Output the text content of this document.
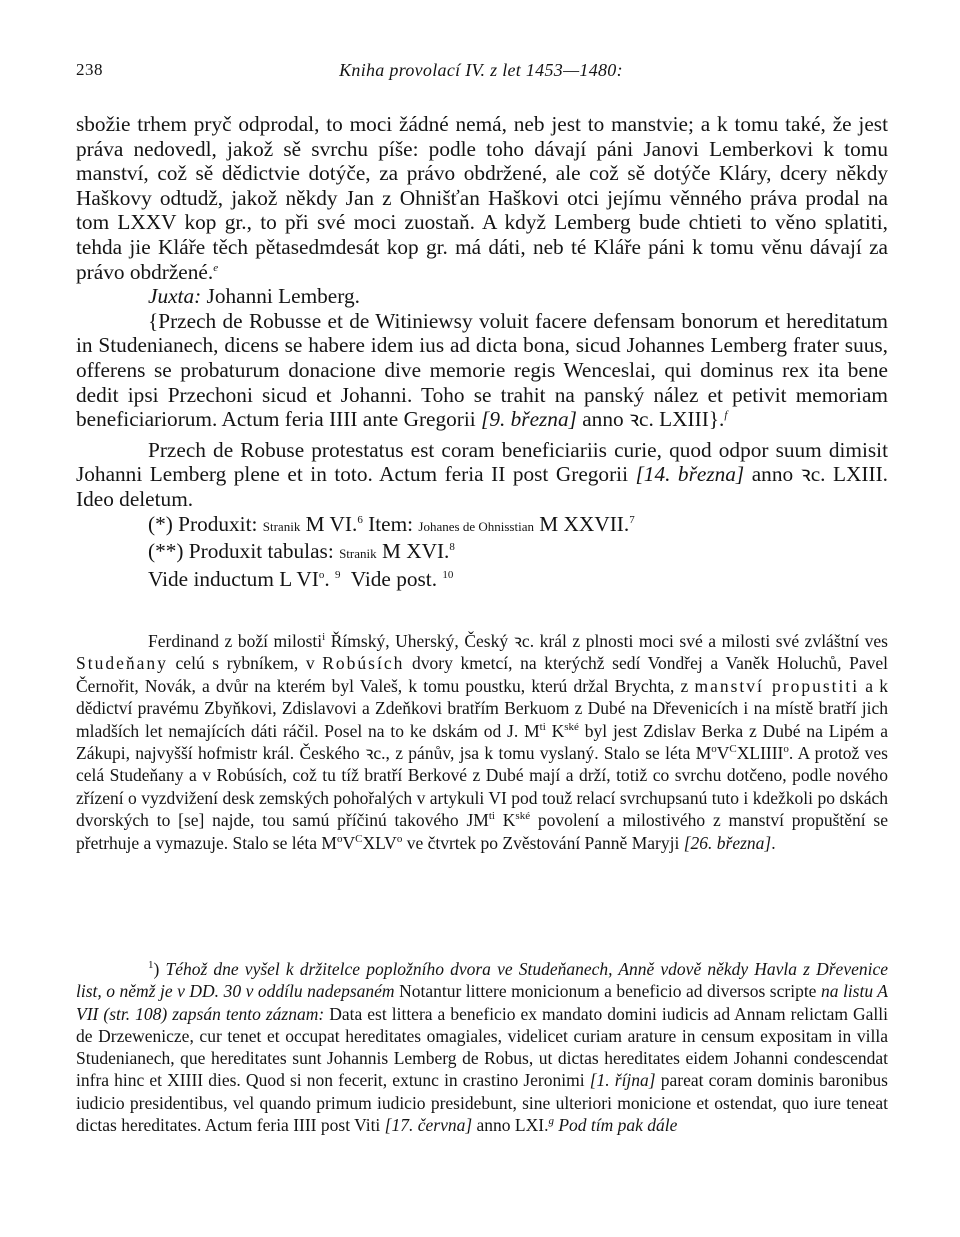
238	Kniha provolací IV. z let 1453—1480:

sbožie trhem pryč odprodal, to moci žádné nemá, neb jest to manstvie; a k tomu také, že jest práva nedovedl, jakož sě svrchu píše: podle toho dávají páni Janovi Lemberkovi k tomu manství, což sě dědictvie dotýče, za právo obdržené, ale což sě dotýče Kláry, dcery někdy Haškovy odtudž, jakož někdy Jan z Ohnišťan Haškovi otci jejímu věnného práva prodal na tom LXXV kop gr., to při své moci zuostaň. A když Lemberg bude chtieti to věno splatiti, tehda jie Kláře těch pětasedmdesát kop gr. má dáti, neb té Kláře páni k tomu věnu dávají za právo obdržené.$^e$

Juxta: Johanni Lemberg.

{Przech de Robusse et de Witiniewsy voluit facere defensam bonorum et hereditatum in Studenianech, dicens se habere idem ius ad dicta bona, sicud Johannes Lemberg frater suus, offerens se probaturum donacione dive memorie regis Wenceslai, qui dominus rex ita bene dedit ipsi Przechoni sicud et Johanni. Toho se trahit na panský nález et petivit memoriam beneficiariorum. Actum feria IIII ante Gregorii [9. března] anno ꝛc. LXIII}.$^f$

Przech de Robuse protestatus est coram beneficiariis curie, quod odpor suum dimisit Johanni Lemberg plene et in toto. Actum feria II post Gregorii [14. března] anno ꝛc. LXIII. Ideo deletum.

(*) Produxit: Stranik M VI.$^6$ Item: Johanes de Ohnisstian M XXVII.$^7$

(**) Produxit tabulas: Stranik M XVI.$^8$

Vide inductum L $VI^o$. $^9$  Vide post. $^{10}$

Ferdinand z boží milosti$^i$ Římský, Uherský, Český ꝛc. král z plnosti moci své a milosti své zvláštní ves Studeňany celú s rybníkem, v Robúsích dvory kmetcí, na kterýchž sedí Vondřej a Vaněk Holuchů, Pavel Černořit, Novák, a dvůr na kterém byl Valeš, k tomu poustku, kterú držal Brychta, z manství propustiti a k dědictví pravému Zbyňkovi, Zdislavovi a Zdeňkovi bratřím Berkuom z Dubé na Dřevenicích i na místě bratří jich mladších let nemajících dáti ráčil. Posel na to ke dskám od J. $M^{ti}$ $K^{ské}$ byl jest Zdislav Berka z Dubé na Lipém a Zákupi, najvyšší hofmistr král. Českého ꝛc., z pánův, jsa k tomu vyslaný. Stalo se léta $M^oV^CXLIIII^o$. A protož ves celá Studeňany a v Robúsích, což tu tíž bratří Berkové z Dubé mají a drží, totiž co svrchu dotčeno, podle nového zřízení o vyzdvižení desk zemských pohořalých v artykuli VI pod touž relací svrchupsanú tuto i kdežkoli po dskách dvorských to [se] najde, tou samú příčinú takového $JM^{ti}$ $K^{ské}$ povolení a milostivého z manství propuštění se přetrhuje a vymazuje. Stalo se léta $M^oV^CXLV^o$ ve čtvrtek po Zvěstování Panně Maryji [26. března].

$^1$) Téhož dne vyšel k držitelce popložního dvora ve Studeňanech, Anně vdově někdy Havla z Dřevenice list, o němž je v DD. 30 v oddílu nadepsaném Notantur littere monicionum a beneficio ad diversos scripte na listu A VII (str. 108) zapsán tento záznam: Data est littera a beneficio ex mandato domini iudicis ad Annam relictam Galli de Drzewenicze, cur tenet et occupat hereditates omagiales, videlicet curiam arature in censum expositam in villa Studenianech, que hereditates sunt Johannis Lemberg de Robus, ut dictas hereditates eidem Johanni condescendat infra hinc et XIIII dies. Quod si non fecerit, extunc in crastino Jeronimi [1. října] pareat coram dominis baronibus iudicio presidentibus, vel quando primum iudicio presidebunt, sine ulteriori monicione et ostendat, quo iure teneat dictas hereditates. Actum feria IIII post Viti [17. června] anno LXI.$^g$ Pod tím pak dále
